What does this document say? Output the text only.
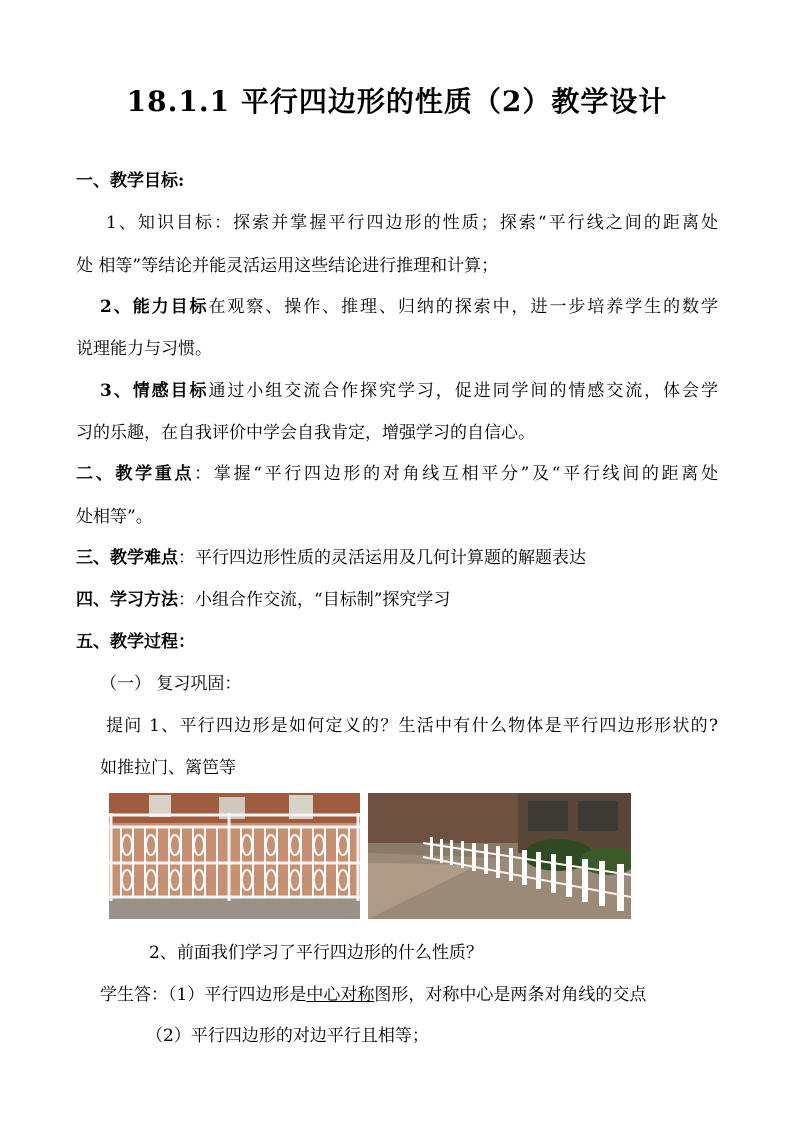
18.1.1 平行四边形的性质（2）教学设计
一、教学目标:
1、知识目标：探索并掌握平行四边形的性质；探索“平行线之间的距离处
处 相等”等结论并能灵活运用这些结论进行推理和计算；
2、能力目标在观察、操作、推理、归纳的探索中，进一步培养学生的数学
说理能力与习惯。
3、情感目标通过小组交流合作探究学习，促进同学间的情感交流，体会学
习的乐趣，在自我评价中学会自我肯定，增强学习的自信心。
二、教学重点：掌握“平行四边形的对角线互相平分”及“平行线间的距离处
处相等”。
三、教学难点：平行四边形性质的灵活运用及几何计算题的解题表达
四、学习方法：小组合作交流，“目标制”探究学习
五、教学过程：
（一） 复习巩固：
提问 1、平行四边形是如何定义的？生活中有什么物体是平行四边形形状的?
如推拉门、篱笆等
2、前面我们学习了平行四边形的什么性质？
学生答：（1）平行四边形是中心对称图形，对称中心是两条对角线的交点
（2）平行四边形的对边平行且相等；
